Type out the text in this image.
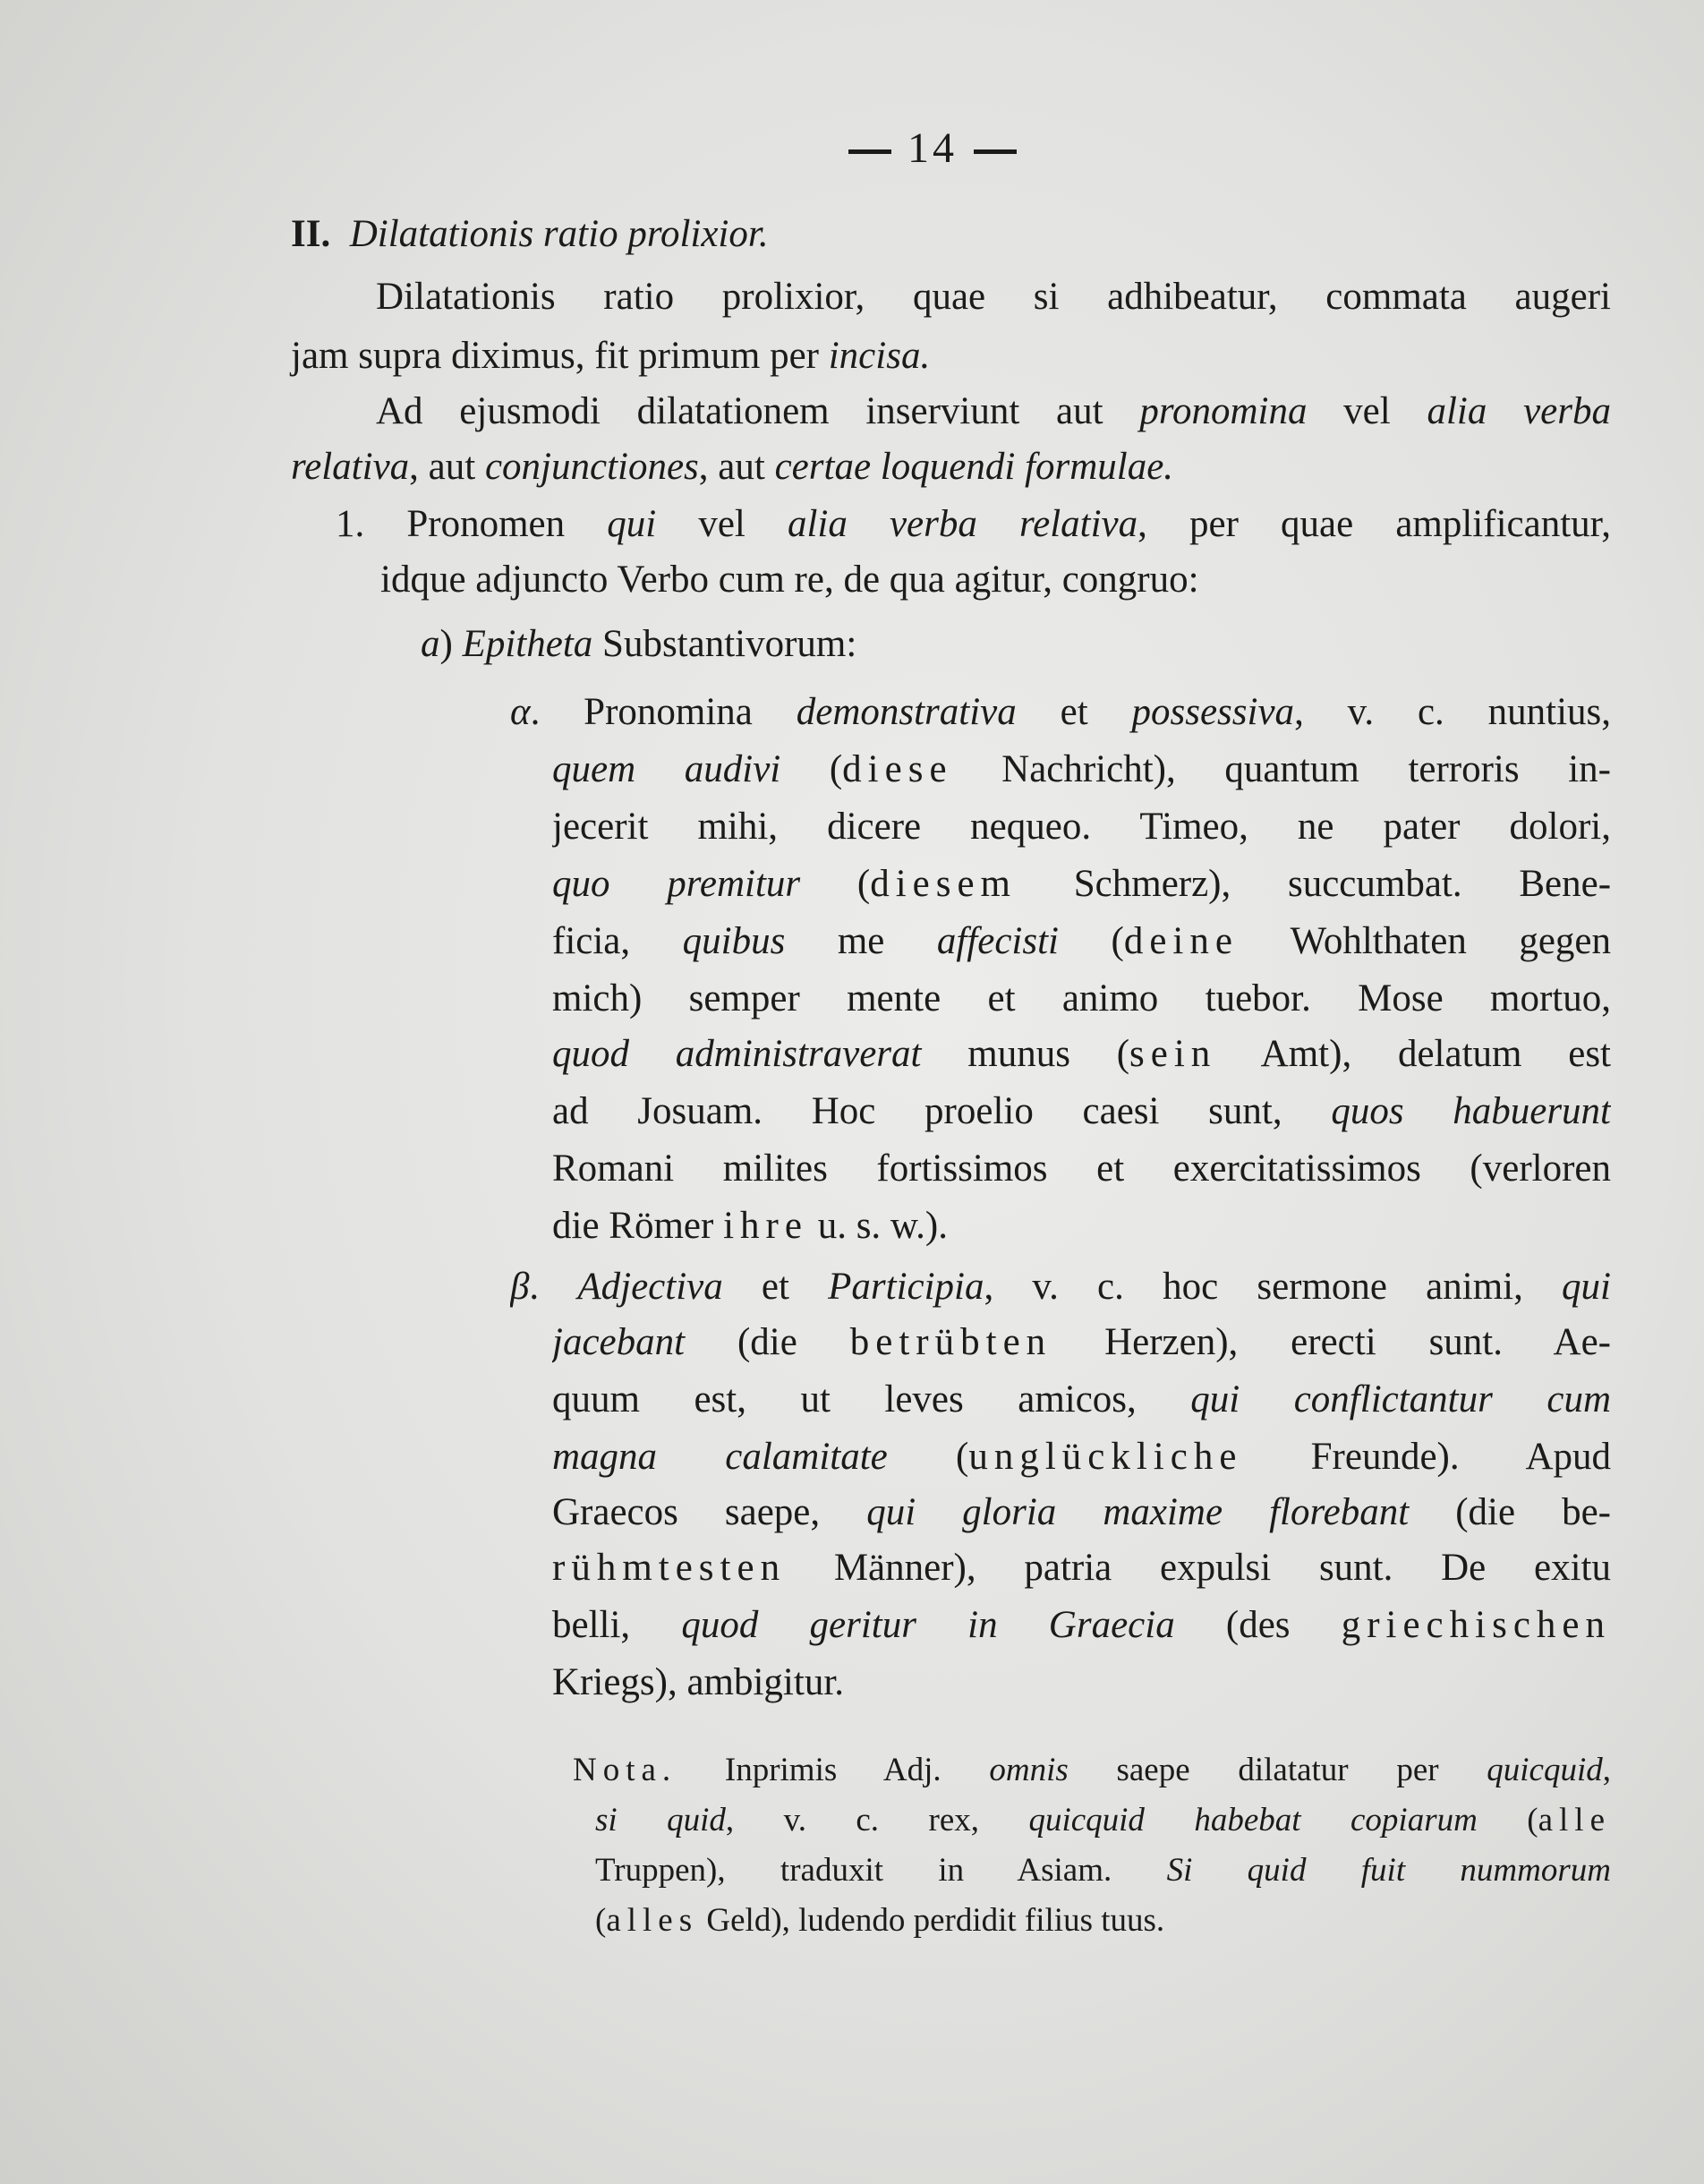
14
II. Dilatationis ratio prolixior.
Dilatationis ratio prolixior, quae si adhibeatur, commata augeri
jam supra diximus, fit primum per incisa.
Ad ejusmodi dilatationem inserviunt aut pronomina vel alia verba
relativa, aut conjunctiones, aut certae loquendi formulae.
1. Pronomen qui vel alia verba relativa, per quae amplificantur,
idque adjuncto Verbo cum re, de qua agitur, congruo:
a) Epitheta Substantivorum:
α. Pronomina demonstrativa et possessiva, v. c. nuntius,
quem audivi (diese Nachricht), quantum terroris in-
jecerit mihi, dicere nequeo. Timeo, ne pater dolori,
quo premitur (diesem Schmerz), succumbat. Bene-
ficia, quibus me affecisti (deine Wohlthaten gegen
mich) semper mente et animo tuebor. Mose mortuo,
quod administraverat munus (sein Amt), delatum est
ad Josuam. Hoc proelio caesi sunt, quos habuerunt
Romani milites fortissimos et exercitatissimos (verloren
die Römer ihre u. s. w.).
β. Adjectiva et Participia, v. c. hoc sermone animi, qui
jacebant (die betrübten Herzen), erecti sunt. Ae-
quum est, ut leves amicos, qui conflictantur cum
magna calamitate (unglückliche Freunde). Apud
Graecos saepe, qui gloria maxime florebant (die be-
rühmtesten Männer), patria expulsi sunt. De exitu
belli, quod geritur in Graecia (des griechischen
Kriegs), ambigitur.
Nota. Inprimis Adj. omnis saepe dilatatur per quicquid,
si quid, v. c. rex, quicquid habebat copiarum (alle
Truppen), traduxit in Asiam. Si quid fuit nummorum
(alles Geld), ludendo perdidit filius tuus.
